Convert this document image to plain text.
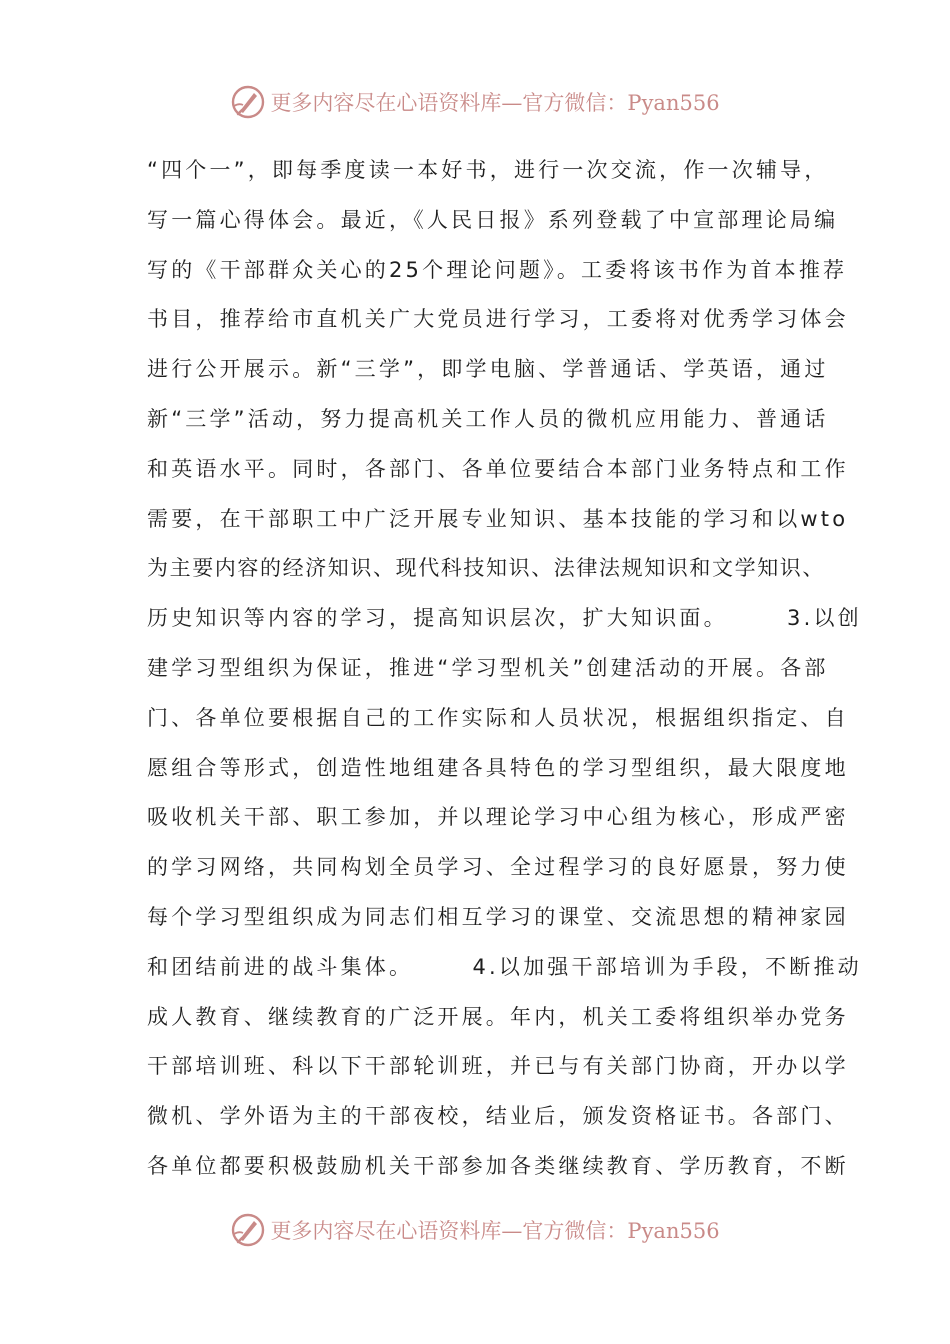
更多内容尽在心语资料库—官方微信：Pyan556
“四个一”，即每季度读一本好书，进行一次交流，作一次辅导，
写一篇心得体会。最近，《人民日报》系列登载了中宣部理论局编
写的《干部群众关心的25个理论问题》。工委将该书作为首本推荐
书目，推荐给市直机关广大党员进行学习，工委将对优秀学习体会
进行公开展示。新“三学”，即学电脑、学普通话、学英语，通过
新“三学”活动，努力提高机关工作人员的微机应用能力、普通话
和英语水平。同时，各部门、各单位要结合本部门业务特点和工作
需要，在干部职工中广泛开展专业知识、基本技能的学习和以wto
为主要内容的经济知识、现代科技知识、法律法规知识和文学知识、
历史知识等内容的学习，提高知识层次，扩大知识面。      3.以创
建学习型组织为保证，推进“学习型机关”创建活动的开展。各部
门、各单位要根据自己的工作实际和人员状况，根据组织指定、自
愿组合等形式，创造性地组建各具特色的学习型组织，最大限度地
吸收机关干部、职工参加，并以理论学习中心组为核心，形成严密
的学习网络，共同构划全员学习、全过程学习的良好愿景，努力使
每个学习型组织成为同志们相互学习的课堂、交流思想的精神家园
和团结前进的战斗集体。      4.以加强干部培训为手段，不断推动
成人教育、继续教育的广泛开展。年内，机关工委将组织举办党务
干部培训班、科以下干部轮训班，并已与有关部门协商，开办以学
微机、学外语为主的干部夜校，结业后，颁发资格证书。各部门、
各单位都要积极鼓励机关干部参加各类继续教育、学历教育，不断
更多内容尽在心语资料库—官方微信：Pyan556
